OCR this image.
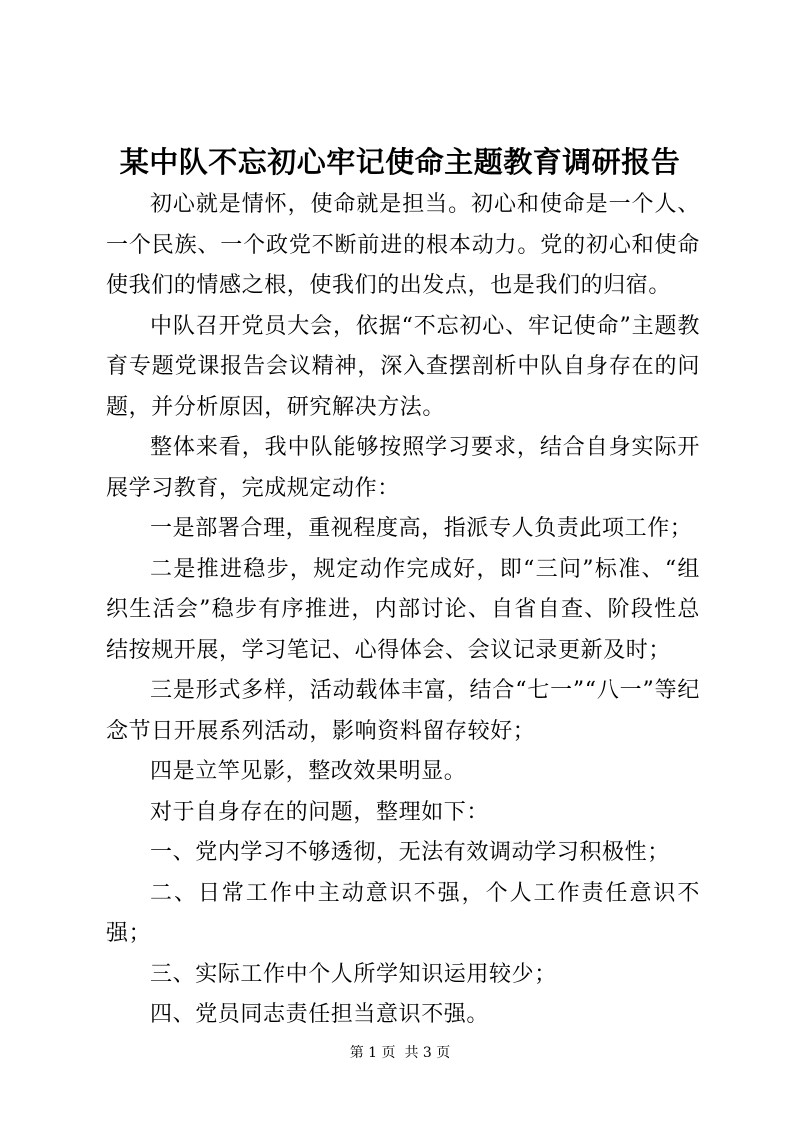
某中队不忘初心牢记使命主题教育调研报告

初心就是情怀，使命就是担当。初心和使命是一个人、一个民族、一个政党不断前进的根本动力。党的初心和使命使我们的情感之根，使我们的出发点，也是我们的归宿。

中队召开党员大会，依据“不忘初心、牢记使命”主题教育专题党课报告会议精神，深入查摆剖析中队自身存在的问题，并分析原因，研究解决方法。

整体来看，我中队能够按照学习要求，结合自身实际开展学习教育，完成规定动作：

一是部署合理，重视程度高，指派专人负责此项工作；

二是推进稳步，规定动作完成好，即“三问”标准、“组织生活会”稳步有序推进，内部讨论、自省自查、阶段性总结按规开展，学习笔记、心得体会、会议记录更新及时；

三是形式多样，活动载体丰富，结合“七一”“八一”等纪念节日开展系列活动，影响资料留存较好；

四是立竿见影，整改效果明显。

对于自身存在的问题，整理如下：

一、党内学习不够透彻，无法有效调动学习积极性；

二、日常工作中主动意识不强，个人工作责任意识不强；

三、实际工作中个人所学知识运用较少；

四、党员同志责任担当意识不强。

第 1 页  共 3 页
